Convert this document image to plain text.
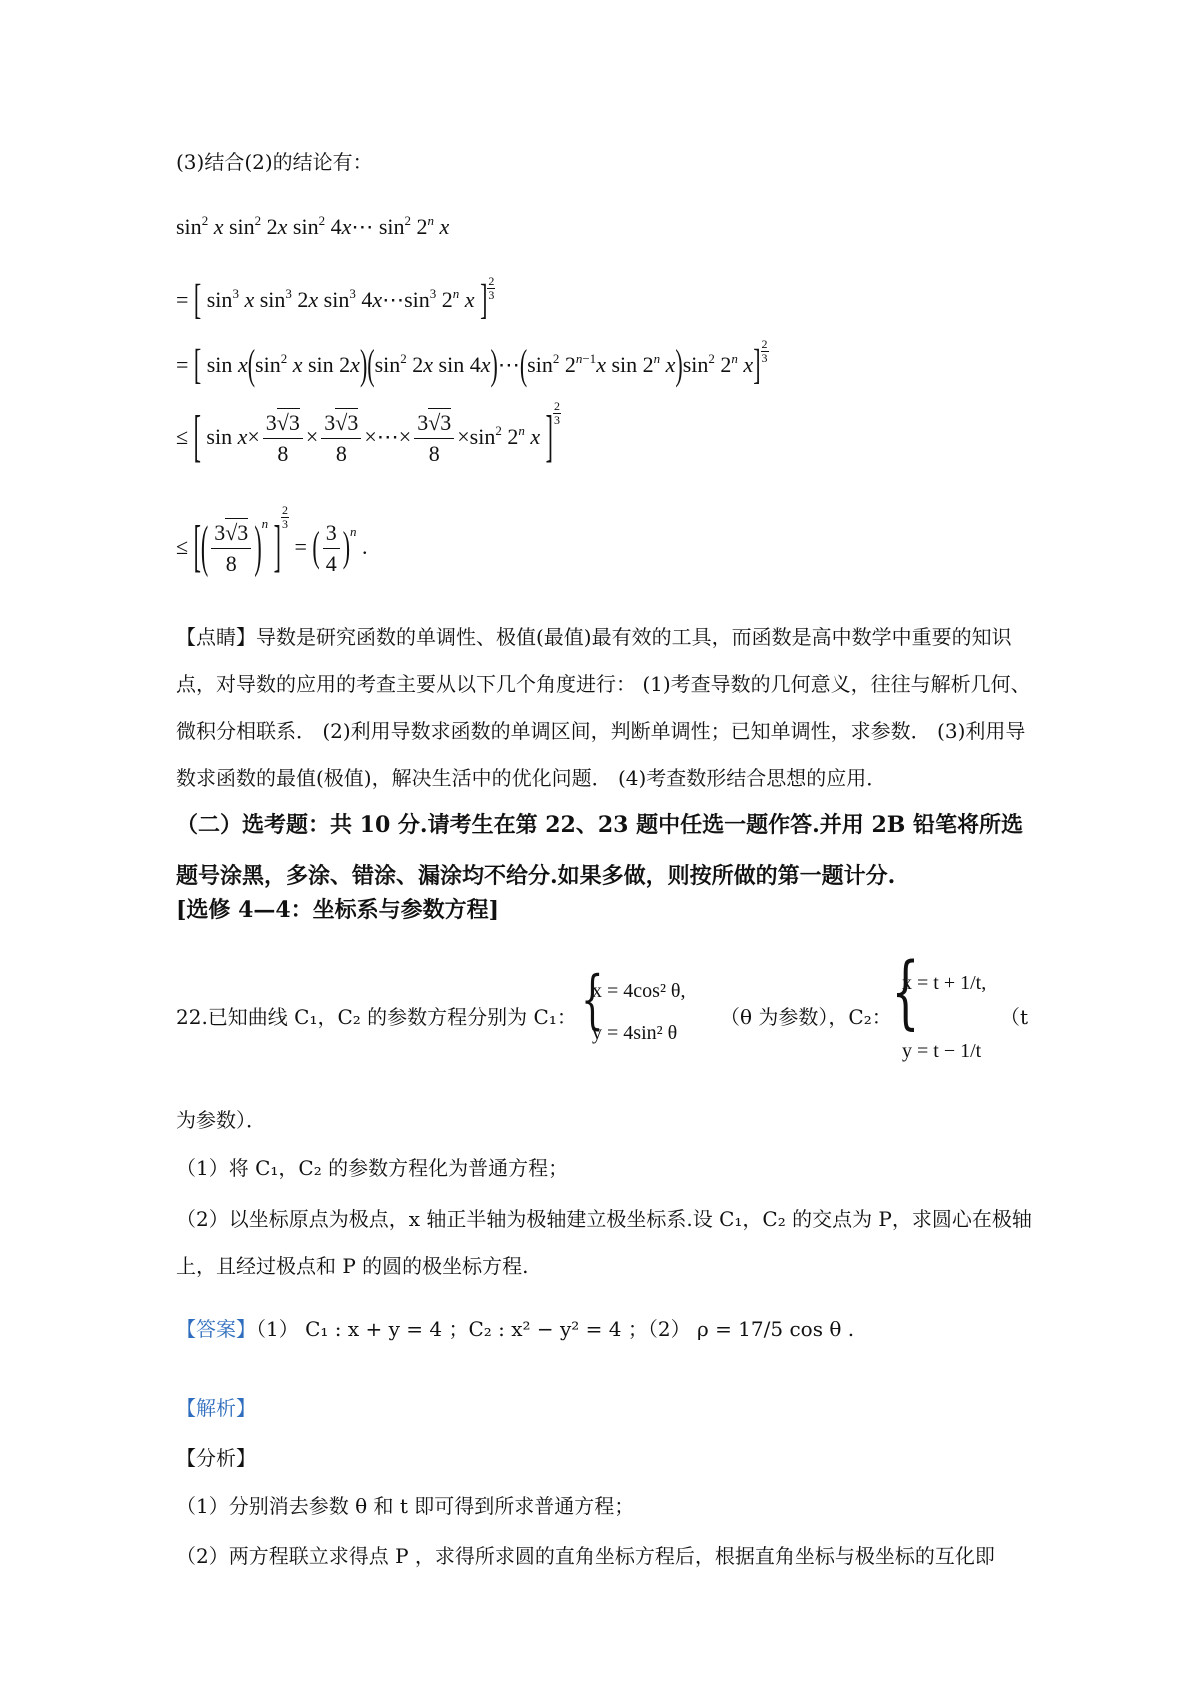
(3)结合(2)的结论有：
$\sin^2 x$ $\sin^2 2x$ $\sin^2$ 4x⋯ $\sin^2 2^n$ x
= [ $\sin^3 x$ $\sin^3 2x$ $\sin^3$ $4x\cdots\sin^3$ 2$^n$ x ] $\frac{2}{3}$
= [ $\sin x(\sin^2$ x $\sin 2x)(\sin^2$ 2x $\sin 4x)\cdots(\sin^2$ $2^{n-1}x$ sin 2$^n$ $x)\sin^2$ 2$^n$ $x] \frac{2}{3}$
≤ [ $\sin x\times \frac{3√3}{8} \times \frac{3√3}{8}$ ×⋯× $\frac{3√3}{8} \times\sin^2$ 2$^n$ x ] $\frac{2}{3}$
≤ [( $\frac{3√3}{8} )^n$ ] $\frac{2}{3}$
= ( $\frac{3}{4} )^n$ .
【点睛】导数是研究函数的单调性、极值(最值)最有效的工具，而函数是高中数学中重要的知识点，对导数的应用的考查主要从以下几个角度进行： (1)考查导数的几何意义，往往与解析几何、微积分相联系． (2)利用导数求函数的单调区间，判断单调性；已知单调性，求参数． (3)利用导数求函数的最值(极值)，解决生活中的优化问题． (4)考查数形结合思想的应用．
（二）选考题：共 10 分.请考生在第 22、23 题中任选一题作答.并用 2B 铅笔将所选题号涂黑，多涂、错涂、漏涂均不给分.如果多做，则按所做的第一题计分.
[选修 4—4：坐标系与参数方程]
22.已知曲线 C₁，C₂ 的参数方程分别为 C₁： {
x = 4cos² θ,
y = 4sin² θ
（θ 为参数），C₂： {
x = t + 1/t,
y = t − 1/t
（t
为参数）．
（1）将 C₁，C₂ 的参数方程化为普通方程；
（2）以坐标原点为极点，x 轴正半轴为极轴建立极坐标系.设 C₁，C₂ 的交点为 P，求圆心在极轴上，且经过极点和 P 的圆的极坐标方程.
【答案】（1） C₁ : x + y = 4 ；C₂ : x² − y² = 4 ；（2） ρ = 17/5 cos θ .
【解析】
【分析】
（1）分别消去参数 θ 和 t 即可得到所求普通方程；
（2）两方程联立求得点 P ，求得所求圆的直角坐标方程后，根据直角坐标与极坐标的互化即
